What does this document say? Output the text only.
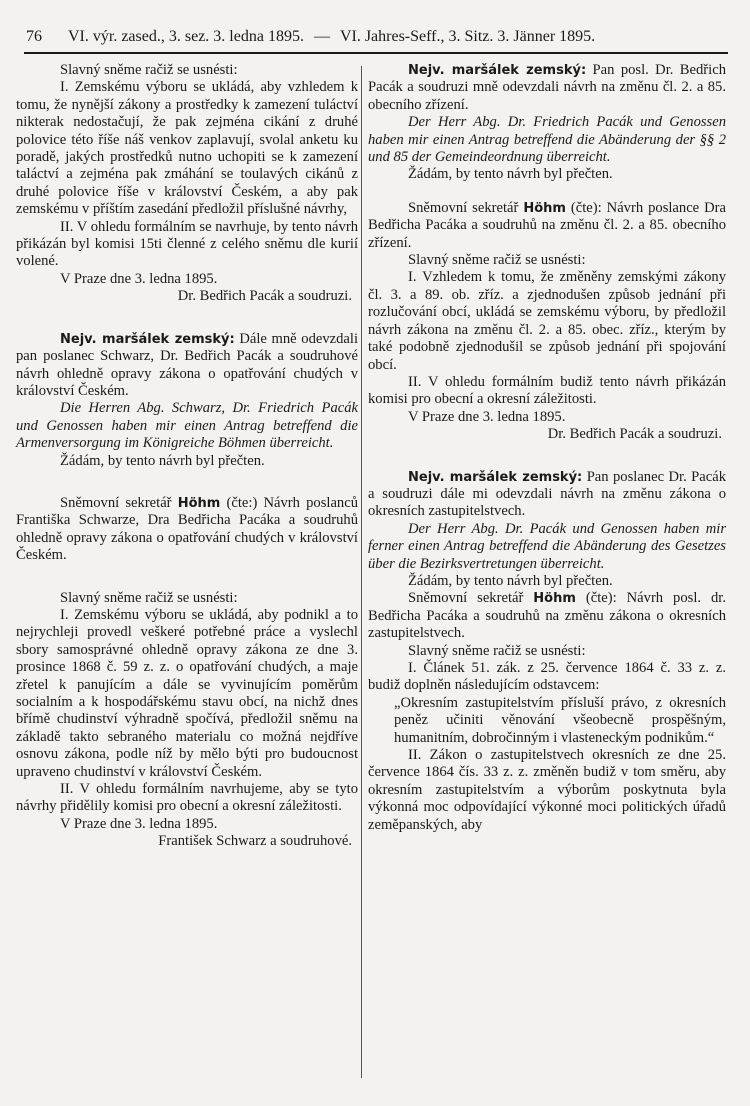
76	VI. výr. zased., 3. sez. 3. ledna 1895. — VI. Jahres-Seff., 3. Sitz. 3. Jänner 1895.

Slavný sněme račiž se usnésti:

I. Zemskému výboru se ukládá, aby vzhledem k tomu, že nynější zákony a prostředky k zamezení tuláctví nikterak nedostačují, že pak zejména cikání z druhé polovice této říše náš venkov zaplavují, svolal anketu ku poradě, jakých prostředků nutno uchopiti se k zamezení taláctví a zejména pak zmáhání se toulavých cikánů z druhé polovice říše v království Českém, a aby pak zemskému v příštím zasedání předložil příslušné návrhy,

II. V ohledu formálním se navrhuje, by tento návrh přikázán byl komisi 15ti členné z celého sněmu dle kurií volené.

V Praze dne 3. ledna 1895.

Dr. Bedřich Pacák a soudruzi.

Nejv. maršálek zemský: Dále mně odevzdali pan poslanec Schwarz, Dr. Bedřich Pacák a soudruhové návrh ohledně opravy zákona o opatřování chudých v království Českém.

Die Herren Abg. Schwarz, Dr. Friedrich Pacák und Genossen haben mir einen Antrag betreffend die Armenversorgung im Königreiche Böhmen überreicht.

Žádám, by tento návrh byl přečten.

Sněmovní sekretář Höhm (čte:) Návrh poslanců Františka Schwarze, Dra Bedřicha Pacáka a soudruhů ohledně opravy zákona o opatřování chudých v království Českém.

Slavný sněme račiž se usnésti:

I. Zemskému výboru se ukládá, aby podnikl a to nejrychleji provedl veškeré potřebné práce a vyslechl sbory samosprávné ohledně opravy zákona ze dne 3. prosince 1868 č. 59 z. z. o opatřování chudých, a maje zřetel k panujícím a dále se vyvinujícím poměrům socialním a k hospodářskému stavu obcí, na nichž dnes břímě chudinství výhradně spočívá, předložil sněmu na základě takto sebraného materialu co možná nejdříve osnovu zákona, podle níž by mělo býti pro budoucnost upraveno chudinství v království Českém.

II. V ohledu formálním navrhujeme, aby se tyto návrhy přidělily komisi pro obecní a okresní záležitosti.

V Praze dne 3. ledna 1895.

František Schwarz a soudruhové.

Nejv. maršálek zemský: Pan posl. Dr. Bedřich Pacák a soudruzi mně odevzdali návrh na změnu čl. 2. a 85. obecního zřízení.

Der Herr Abg. Dr. Friedrich Pacák und Genossen haben mir einen Antrag betreffend die Abänderung der §§ 2 und 85 der Gemeindeordnung überreicht.

Žádám, by tento návrh byl přečten.

Sněmovní sekretář Höhm (čte): Návrh poslance Dra Bedřicha Pacáka a soudruhů na změnu čl. 2. a 85. obecního zřízení.

Slavný sněme račiž se usnésti:

I. Vzhledem k tomu, že změněny zemskými zákony čl. 3. a 89. ob. zříz. a zjednodušen způsob jednání při rozlučování obcí, ukládá se zemskému výboru, by předložil návrh zákona na změnu čl. 2. a 85. obec. zříz., kterým by také podobně zjednodušil se způsob jednání při spojování obcí.

II. V ohledu formálním budiž tento návrh přikázán komisi pro obecní a okresní záležitosti.

V Praze dne 3. ledna 1895.

Dr. Bedřich Pacák a soudruzi.

Nejv. maršálek zemský: Pan poslanec Dr. Pacák a soudruzi dále mi odevzdali návrh na změnu zákona o okresních zastupitelstvech.

Der Herr Abg. Dr. Pacák und Genossen haben mir ferner einen Antrag betreffend die Abänderung des Gesetzes über die Bezirksvertretungen überreicht.

Žádám, by tento návrh byl přečten.

Sněmovní sekretář Höhm (čte): Návrh posl. dr. Bedřicha Pacáka a soudruhů na změnu zákona o okresních zastupitelstvech.

Slavný sněme račiž se usnésti:

I. Článek 51. zák. z 25. července 1864 č. 33 z. z. budiž doplněn následujícím odstavcem:

„Okresním zastupitelstvím přísluší právo, z okresních peněz učiniti věnování všeobecně prospěšným, humanitním, dobročinným i vlasteneckým podnikům.“

II. Zákon o zastupitelstvech okresních ze dne 25. července 1864 čís. 33 z. z. změněn budiž v tom směru, aby okresním zastupitelstvím a výborům poskytnuta byla výkonná moc odpovídající výkonné moci politických úřadů zeměpanských, aby
